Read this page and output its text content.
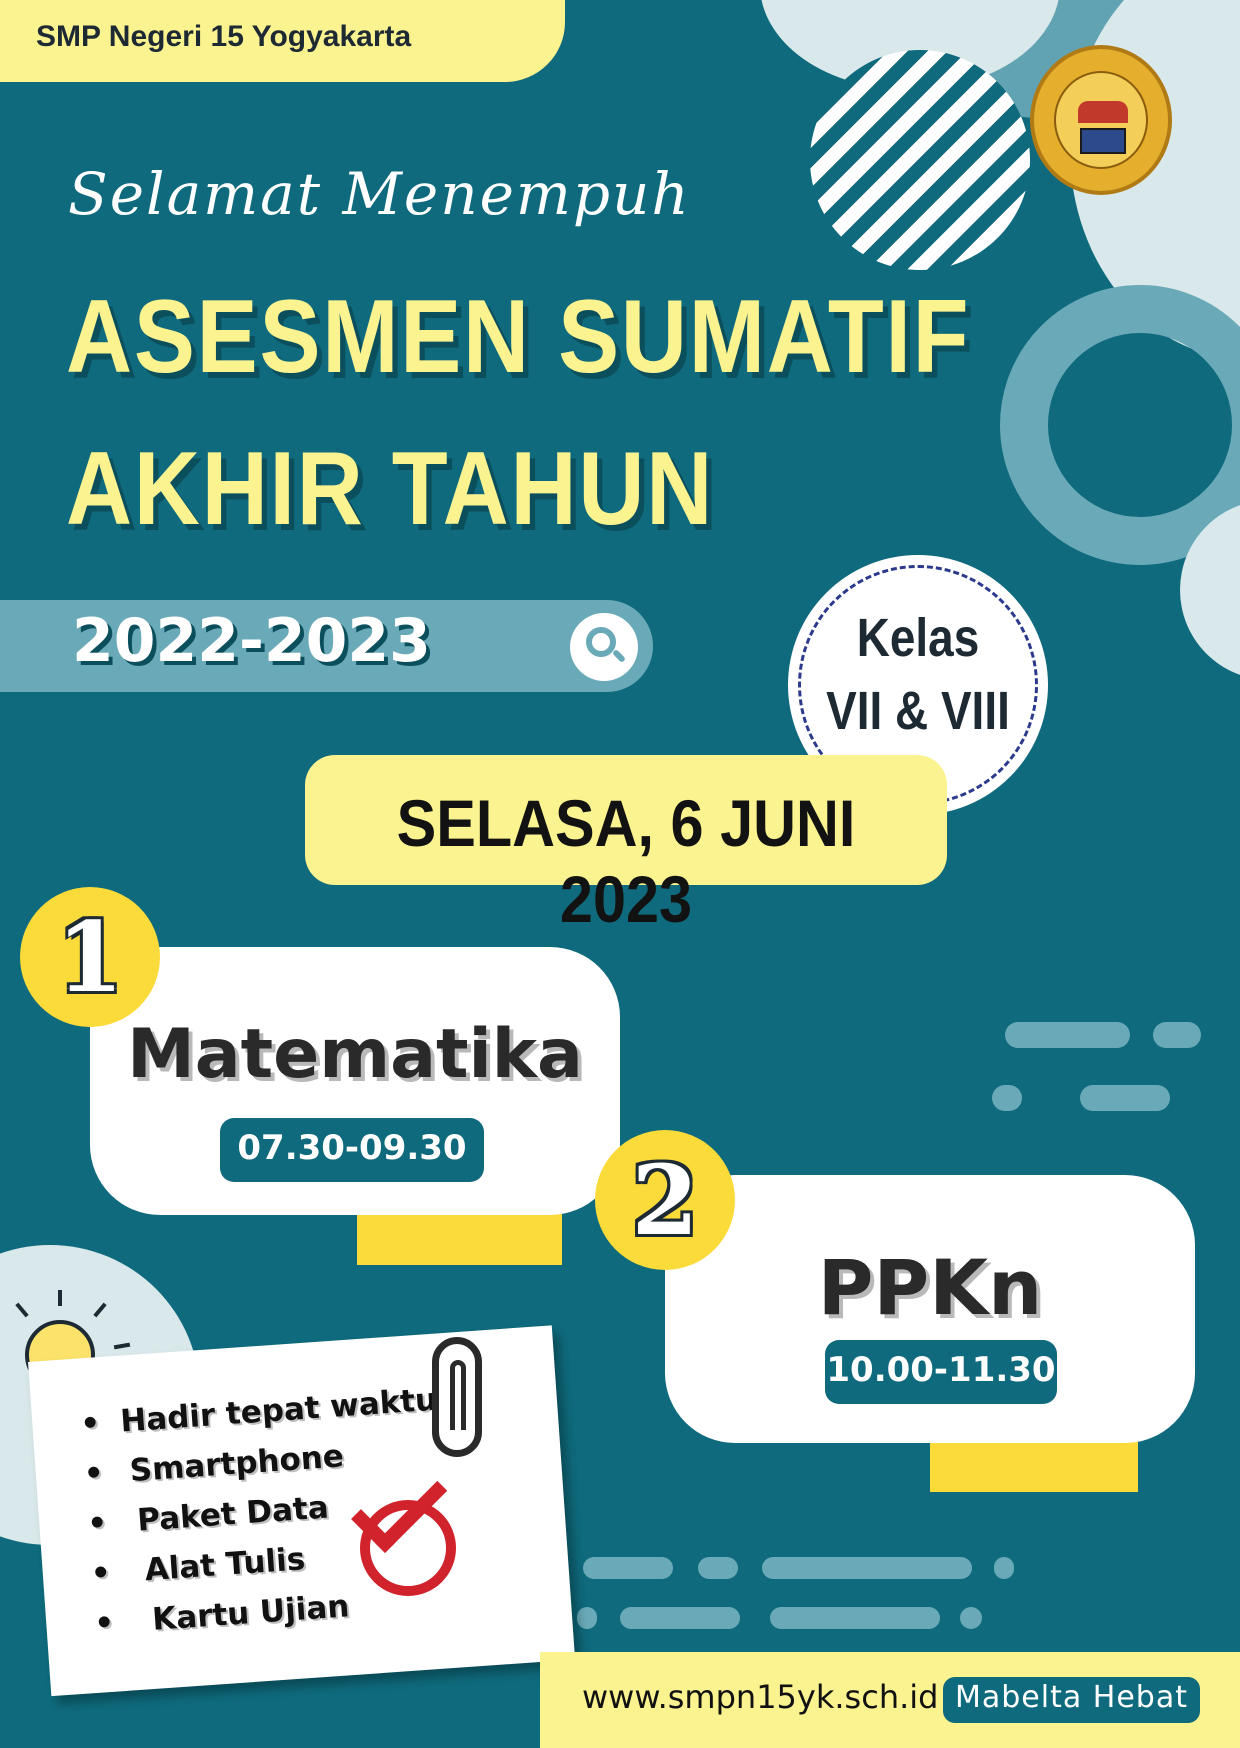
SMP Negeri 15 Yogyakarta
Selamat Menempuh
ASESMEN SUMATIF
AKHIR TAHUN
2022-2023	Kelas
VII & VIII
SELASA, 6 JUNI 2023
Matematika
07.30-09.30
1
PPKn
10.00-11.30
2
• Hadir tepat waktu
• Smartphone
• Paket Data
• Alat Tulis
• Kartu Ujian
www.smpn15yk.sch.id Mabelta Hebat
